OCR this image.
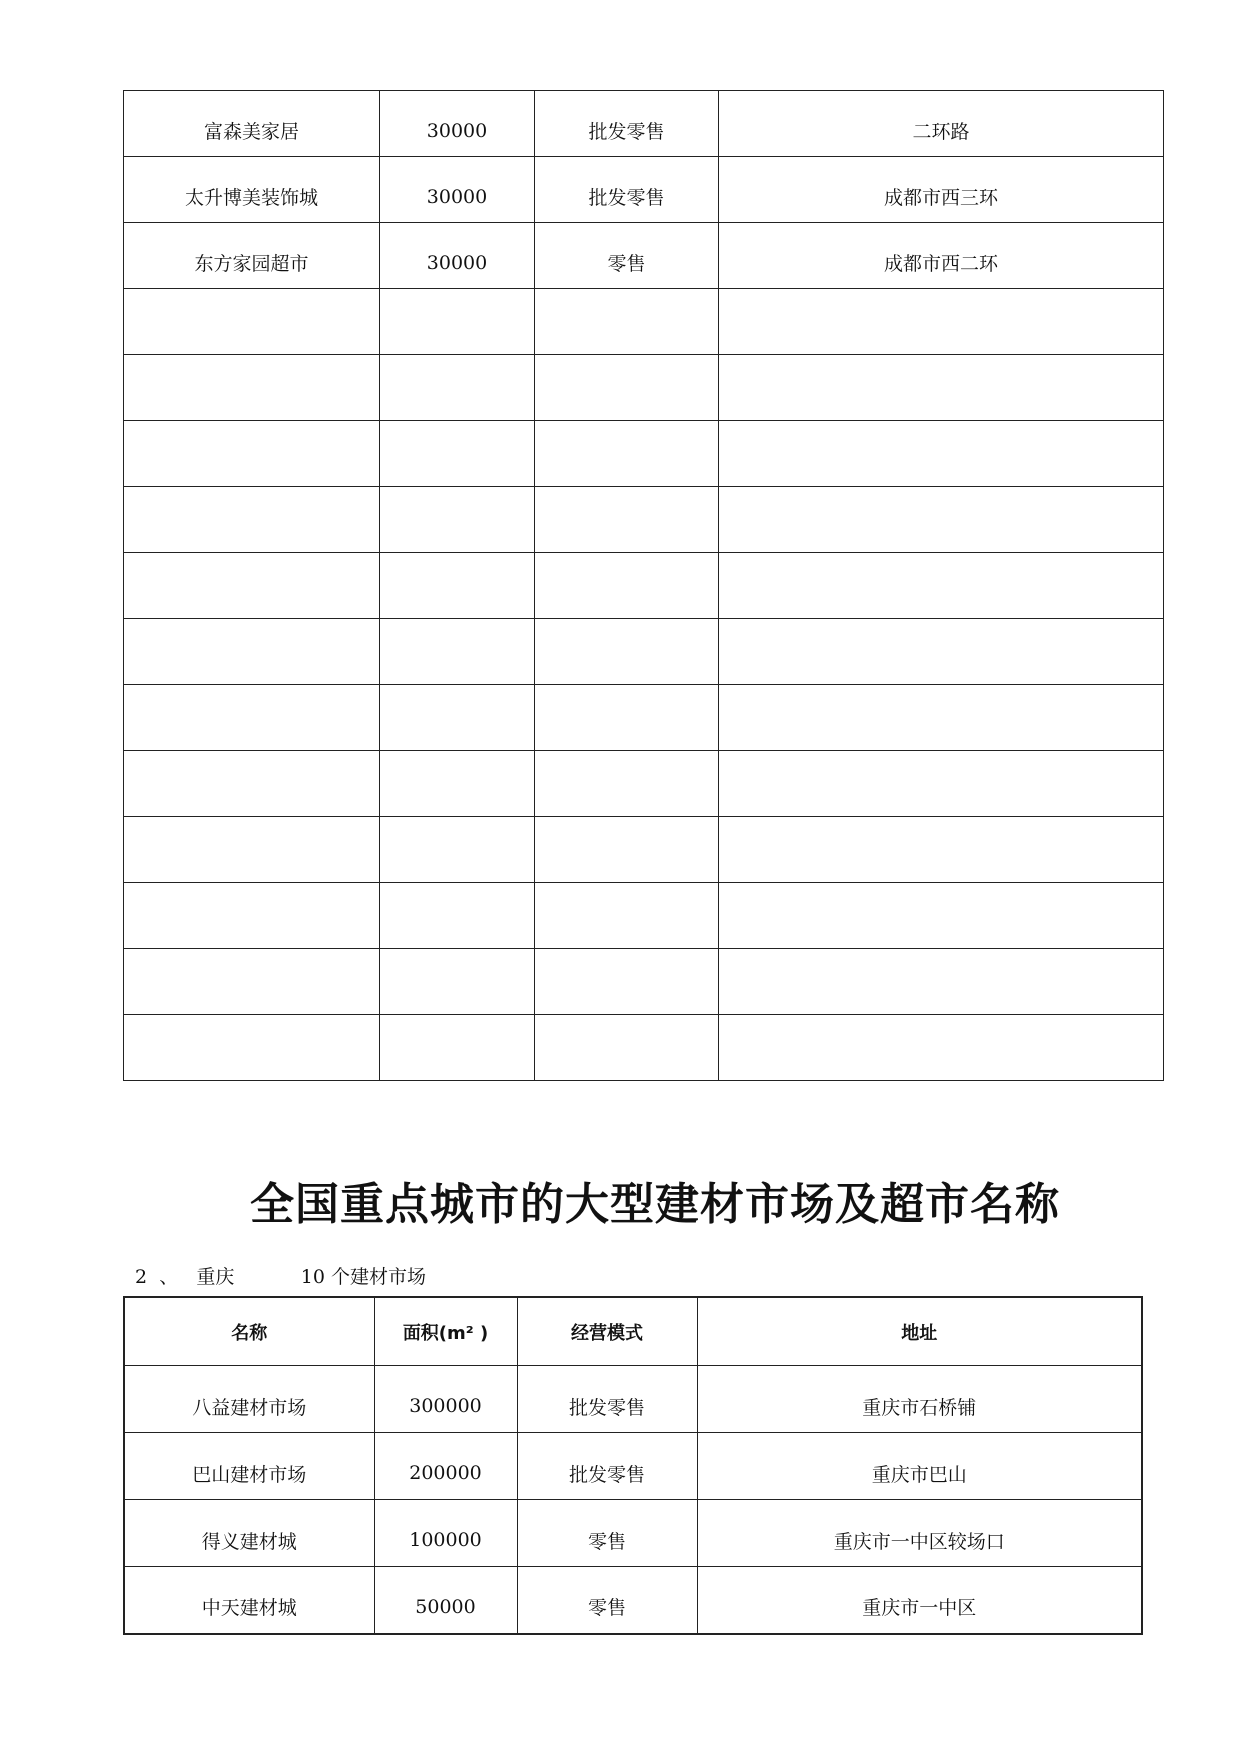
富森美家居	30000	批发零售	二环路
太升博美装饰城	30000	批发零售	成都市西三环
东方家园超市	30000	零售	成都市西二环

全国重点城市的大型建材市场及超市名称
2 、 重庆	10 个建材市场
名称	面积(m² )	经营模式	地址
八益建材市场	300000	批发零售	重庆市石桥铺
巴山建材市场	200000	批发零售	重庆市巴山
得义建材城	100000	零售	重庆市一中区较场口
中天建材城	50000	零售	重庆市一中区
